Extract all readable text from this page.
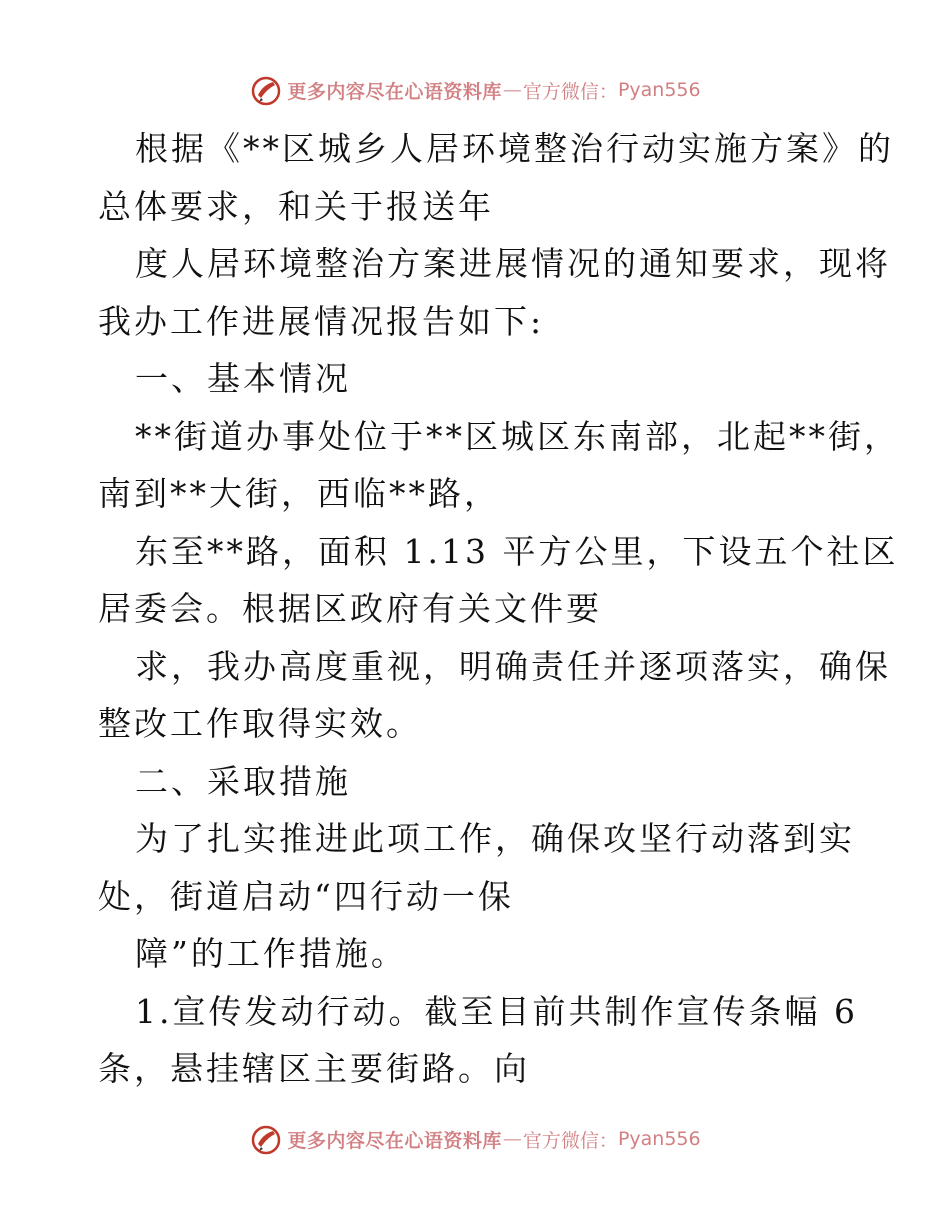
更多内容尽在心语资料库 — 官方微信： Pyan556

根据《**区城乡人居环境整治行动实施方案》的

总体要求，和关于报送年

度人居环境整治方案进展情况的通知要求，现将

我办工作进展情况报告如下:

一、基本情况

**街道办事处位于**区城区东南部，北起**街，

南到**大街，西临**路，

东至**路，面积 1.13 平方公里，下设五个社区

居委会。根据区政府有关文件要

求，我办高度重视，明确责任并逐项落实，确保

整改工作取得实效。

二、采取措施

为了扎实推进此项工作，确保攻坚行动落到实

处，街道启动“四行动一保

障”的工作措施。

1.宣传发动行动。截至目前共制作宣传条幅 6

条，悬挂辖区主要街路。向

更多内容尽在心语资料库 — 官方微信： Pyan556
